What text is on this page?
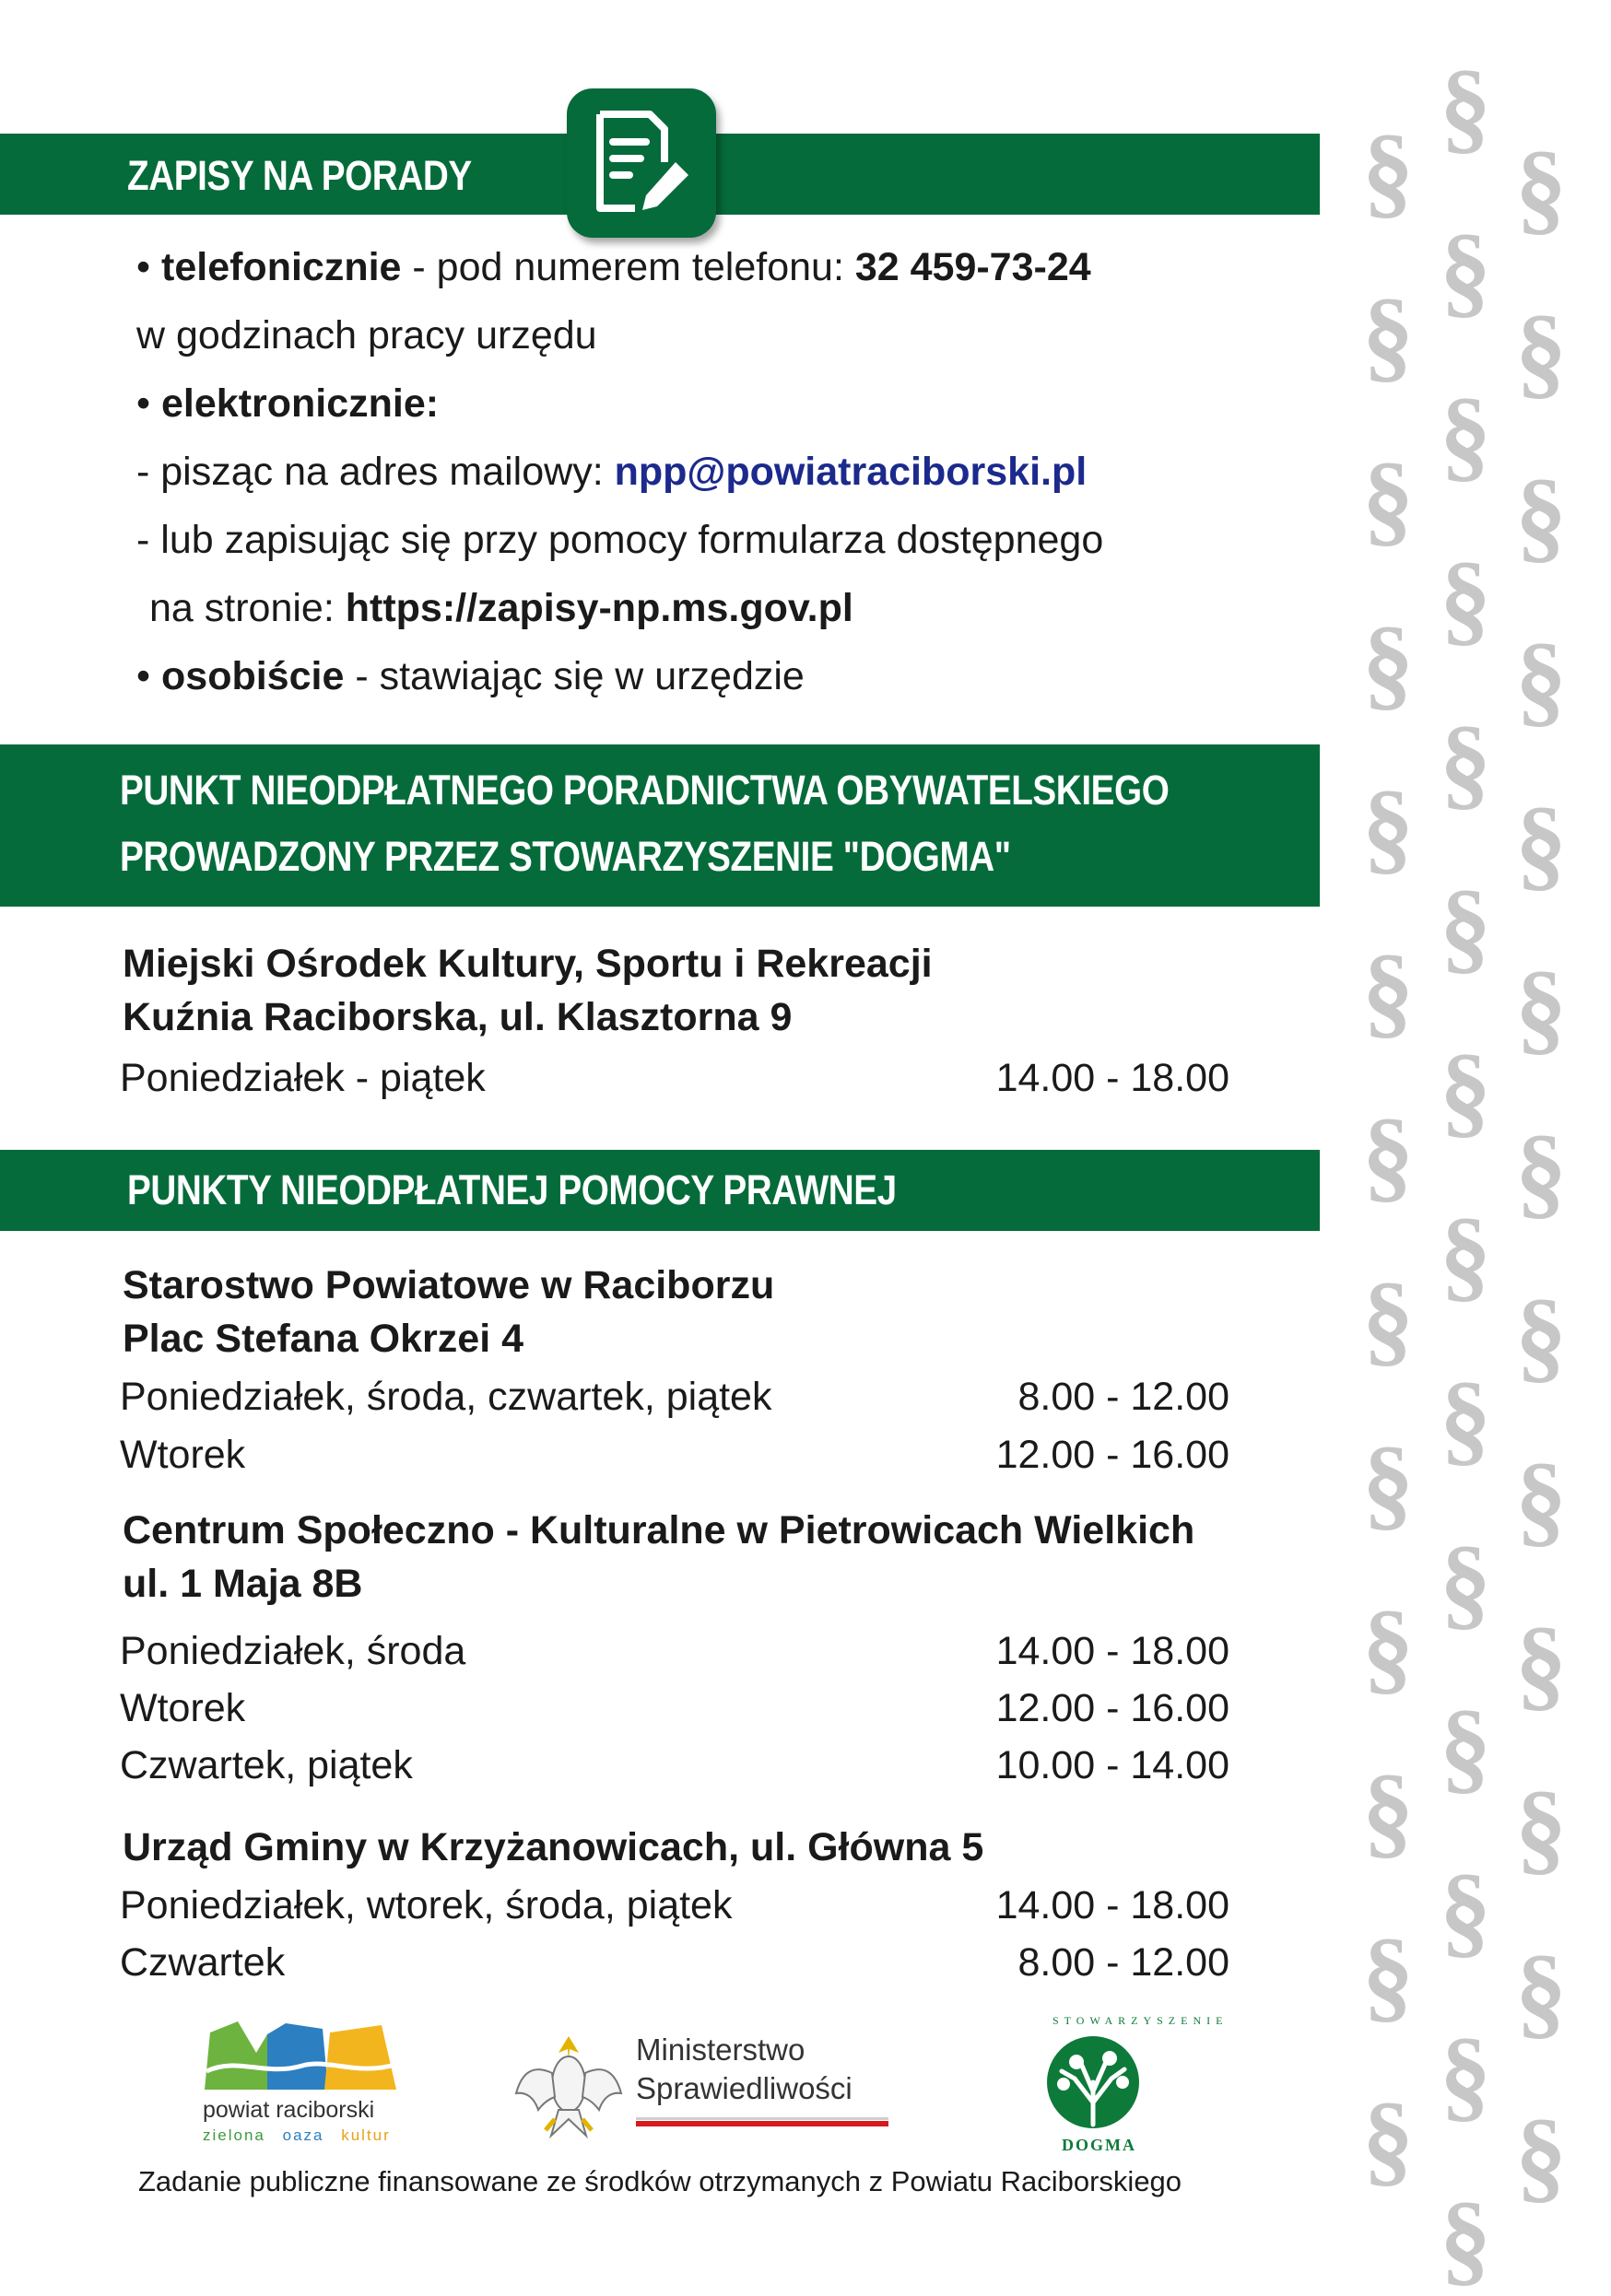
ZAPISY NA PORADY
• telefonicznie - pod numerem telefonu: 32 459-73-24
w godzinach pracy urzędu
• elektronicznie:
- pisząc na adres mailowy: npp@powiatraciborski.pl
- lub zapisując się przy pomocy formularza dostępnego
na stronie: https://zapisy-np.ms.gov.pl
• osobiście - stawiając się w urzędzie
PUNKT NIEODPŁATNEGO PORADNICTWA OBYWATELSKIEGO
PROWADZONY PRZEZ STOWARZYSZENIE "DOGMA"
Miejski Ośrodek Kultury, Sportu i Rekreacji
Kuźnia Raciborska, ul. Klasztorna 9
Poniedziałek - piątek	14.00 - 18.00
PUNKTY NIEODPŁATNEJ POMOCY PRAWNEJ
Starostwo Powiatowe w Raciborzu
Plac Stefana Okrzei 4
Poniedziałek, środa, czwartek, piątek	8.00 - 12.00
Wtorek	12.00 - 16.00
Centrum Społeczno - Kulturalne w Pietrowicach Wielkich
ul. 1 Maja 8B
Poniedziałek, środa	14.00 - 18.00
Wtorek	12.00 - 16.00
Czwartek, piątek	10.00 - 14.00
Urząd Gminy w Krzyżanowicach, ul. Główna 5
Poniedziałek, wtorek, środa, piątek	14.00 - 18.00
Czwartek	8.00 - 12.00
powiat raciborski
zielona oaza kultur
Ministerstwo
Sprawiedliwości
STOWARZYSZENIE
DOGMA
Zadanie publiczne finansowane ze środków otrzymanych z Powiatu Raciborskiego
§
§
§
§
§
§
§
§
§
§
§
§
§
§
§
§
§
§
§
§
§
§
§
§
§
§
§
§
§
§
§
§
§
§
§
§
§
§
§
§
